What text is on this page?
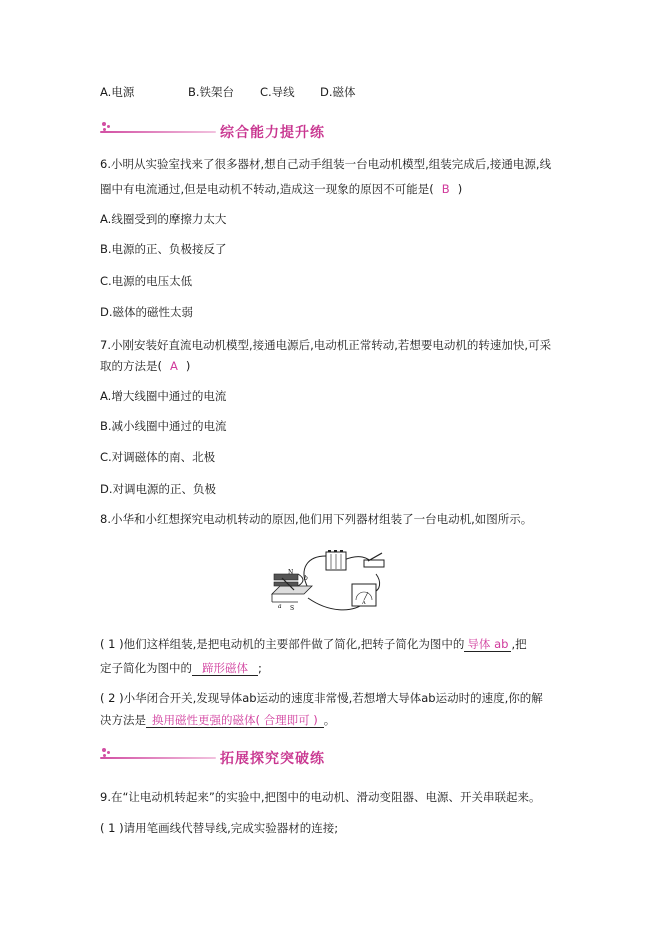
A.电源	B.铁架台 C.导线 D.磁体
综合能力提升练
6.小明从实验室找来了很多器材,想自己动手组装一台电动机模型,组装完成后,接通电源,线
圈中有电流通过,但是电动机不转动,造成这一现象的原因不可能是( B )
A.线圈受到的摩擦力太大
B.电源的正、负极接反了
C.电源的电压太低
D.磁体的磁性太弱
7.小刚安装好直流电动机模型,接通电源后,电动机正常转动,若想要电动机的转速加快,可采
取的方法是( A )
A.增大线圈中通过的电流
B.减小线圈中通过的电流
C.对调磁体的南、北极
D.对调电源的正、负极
8.小华和小红想探究电动机转动的原因,他们用下列器材组装了一台电动机,如图所示。
N
S
b
a	A
( 1 )他们这样组装,是把电动机的主要部件做了简化,把转子简化为图中的 导体 ab ,把
定子简化为图中的 蹄形磁体 ;
( 2 )小华闭合开关,发现导体ab运动的速度非常慢,若想增大导体ab运动时的速度,你的解
决方法是 换用磁性更强的磁体( 合理即可 ) 。
拓展探究突破练
9.在“让电动机转起来”的实验中,把图中的电动机、滑动变阻器、电源、开关串联起来。
( 1 )请用笔画线代替导线,完成实验器材的连接;
